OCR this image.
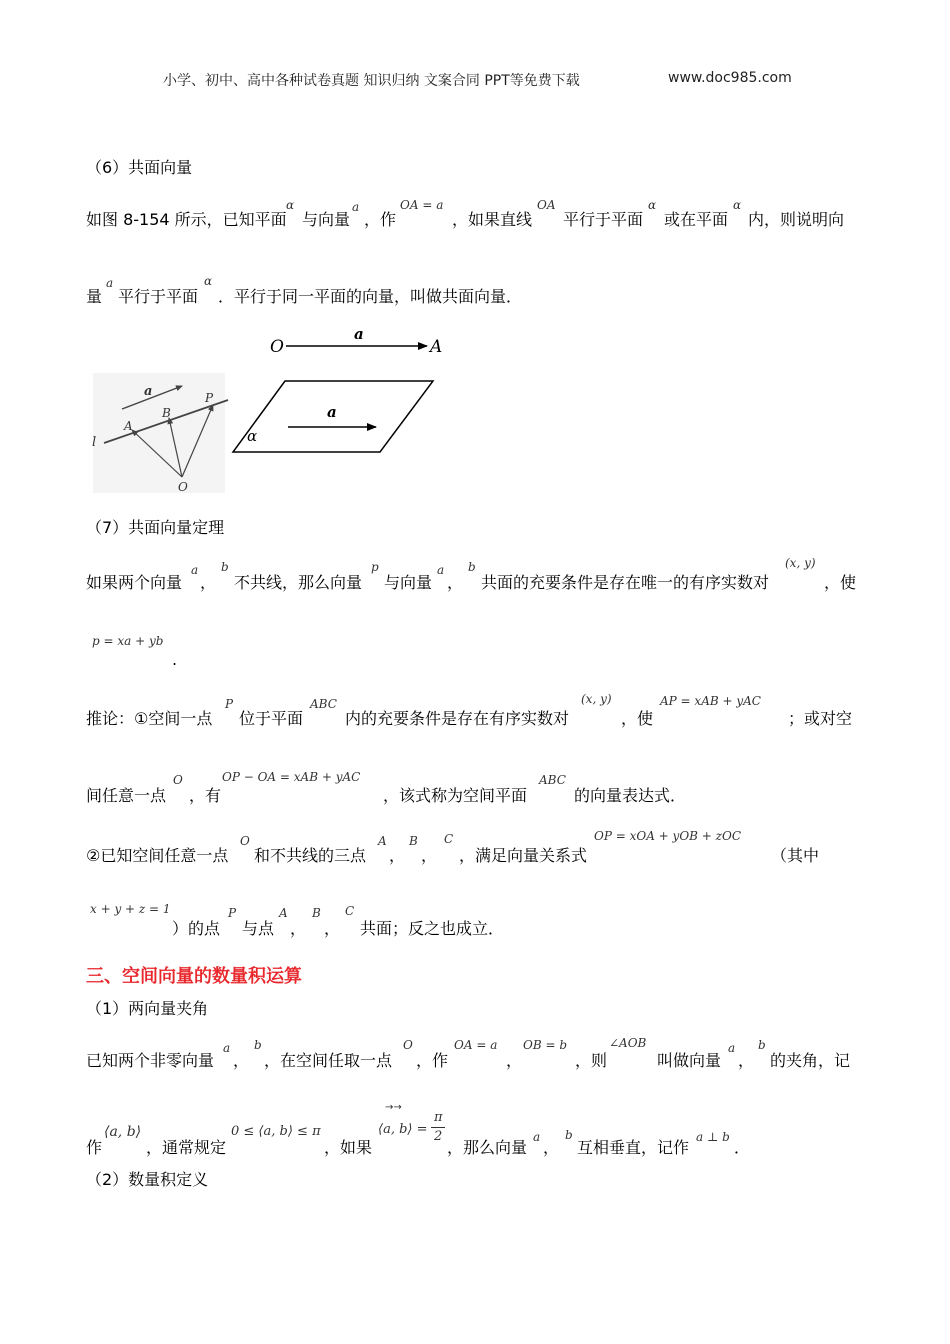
小学、初中、高中各种试卷真题 知识归纳 文案合同 PPT等免费下载	www.doc985.com
（6）共面向量
如图 8-154 所示，已知平面
α
与向量
a
，作
OA = a
，如果直线
OA
平行于平面
α
或在平面
α
内，则说明向
量
a
平行于平面
α
．平行于同一平面的向量，叫做共面向量．
O
a
A
a
A
B
P
l
O
a
α
（7）共面向量定理
如果两个向量
a
，
b
不共线，那么向量
p
与向量
a
，
b
共面的充要条件是存在唯一的有序实数对
(x, y)
，使
p = xa + yb
.
推论：①空间一点
P
位于平面
ABC
内的充要条件是存在有序实数对
(x, y)
，使
AP = xAB + yAC
；或对空
间任意一点
O
，有
OP − OA = xAB + yAC
，该式称为空间平面
ABC
的向量表达式．
②已知空间任意一点
O
和不共线的三点
A
，
B
，
C
，满足向量关系式
OP = xOA + yOB + zOC
（其中
x + y + z = 1
）的点
P
与点
A
，
B
，
C
共面；反之也成立．
三、空间向量的数量积运算
（1）两向量夹角
已知两个非零向量
a
，
b
，在空间任取一点
O
，作
OA = a
，
OB = b
，则
∠AOB
叫做向量
a
，
b
的夹角，记
作
⟨a, b⟩
，通常规定
0 ≤ ⟨a, b⟩ ≤ π
，如果
⟨a, b⟩ =
→→
π
2
，那么向量
a
，
b
互相垂直，记作
a ⊥ b
．
（2）数量积定义
